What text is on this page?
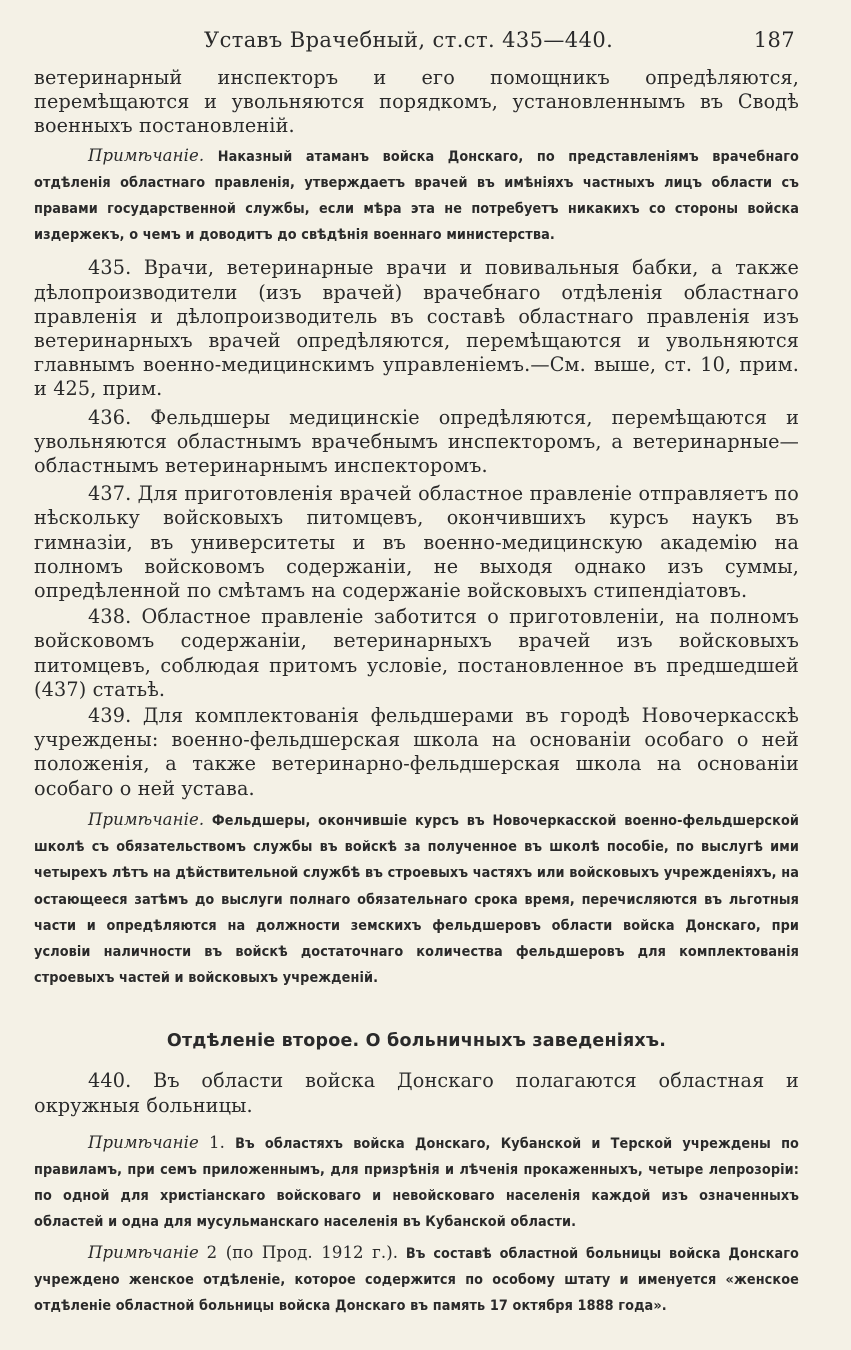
Уставъ Врачебный, ст.ст. 435—440.	187

ветеринарный инспекторъ и его помощникъ опредѣляются, перемѣщаются и увольняются порядкомъ, установленнымъ въ Сводѣ военныхъ постановленій.

Примѣчаніе. Наказный атаманъ войска Донскаго, по представленіямъ врачебнаго отдѣленія областнаго правленія, утверждаетъ врачей въ имѣніяхъ частныхъ лицъ области съ правами государственной службы, если мѣра эта не потребуетъ никакихъ со стороны войска издержекъ, о чемъ и доводитъ до свѣдѣнія военнаго министерства.

435. Врачи, ветеринарные врачи и повивальныя бабки, а также дѣлопроизводители (изъ врачей) врачебнаго отдѣленія областнаго правленія и дѣлопроизводитель въ составѣ областнаго правленія изъ ветеринарныхъ врачей опредѣляются, перемѣщаются и увольняются главнымъ военно-медицинскимъ управленіемъ.—См. выше, ст. 10, прим. и 425, прим.

436. Фельдшеры медицинскіе опредѣляются, перемѣщаются и увольняются областнымъ врачебнымъ инспекторомъ, а ветеринарные—областнымъ ветеринарнымъ инспекторомъ.

437. Для приготовленія врачей областное правленіе отправляетъ по нѣскольку войсковыхъ питомцевъ, окончившихъ курсъ наукъ въ гимназіи, въ университеты и въ военно-медицинскую академію на полномъ войсковомъ содержаніи, не выходя однако изъ суммы, опредѣленной по смѣтамъ на содержаніе войсковыхъ стипендіатовъ.

438. Областное правленіе заботится о приготовленіи, на полномъ войсковомъ содержаніи, ветеринарныхъ врачей изъ войсковыхъ питомцевъ, соблюдая притомъ условіе, постановленное въ предшедшей (437) статьѣ.

439. Для комплектованія фельдшерами въ городѣ Новочеркасскѣ учреждены: военно-фельдшерская школа на основаніи особаго о ней положенія, а также ветеринарно-фельдшерская школа на основаніи особаго о ней устава.

Примѣчаніе. Фельдшеры, окончившіе курсъ въ Новочеркасской военно-фельдшерской школѣ съ обязательствомъ службы въ войскѣ за полученное въ школѣ пособіе, по выслугѣ ими четырехъ лѣтъ на дѣйствительной службѣ въ строевыхъ частяхъ или войсковыхъ учрежденіяхъ, на остающееся затѣмъ до выслуги полнаго обязательнаго срока время, перечисляются въ льготныя части и опредѣляются на должности земскихъ фельдшеровъ области войска Донскаго, при условіи наличности въ войскѣ достаточнаго количества фельдшеровъ для комплектованія строевыхъ частей и войсковыхъ учрежденій.

Отдѣленіе второе. О больничныхъ заведеніяхъ.

440. Въ области войска Донскаго полагаются областная и окружныя больницы.

Примѣчаніе 1. Въ областяхъ войска Донскаго, Кубанской и Терской учреждены по правиламъ, при семъ приложеннымъ, для призрѣнія и лѣченія прокаженныхъ, четыре лепрозоріи: по одной для христіанскаго войсковаго и невойсковаго населенія каждой изъ означенныхъ областей и одна для мусульманскаго населенія въ Кубанской области.

Примѣчаніе 2 (по Прод. 1912 г.). Въ составѣ областной больницы войска Донскаго учреждено женское отдѣленіе, которое содержится по особому штату и именуется «женское отдѣленіе областной больницы войска Донскаго въ память 17 октября 1888 года».
